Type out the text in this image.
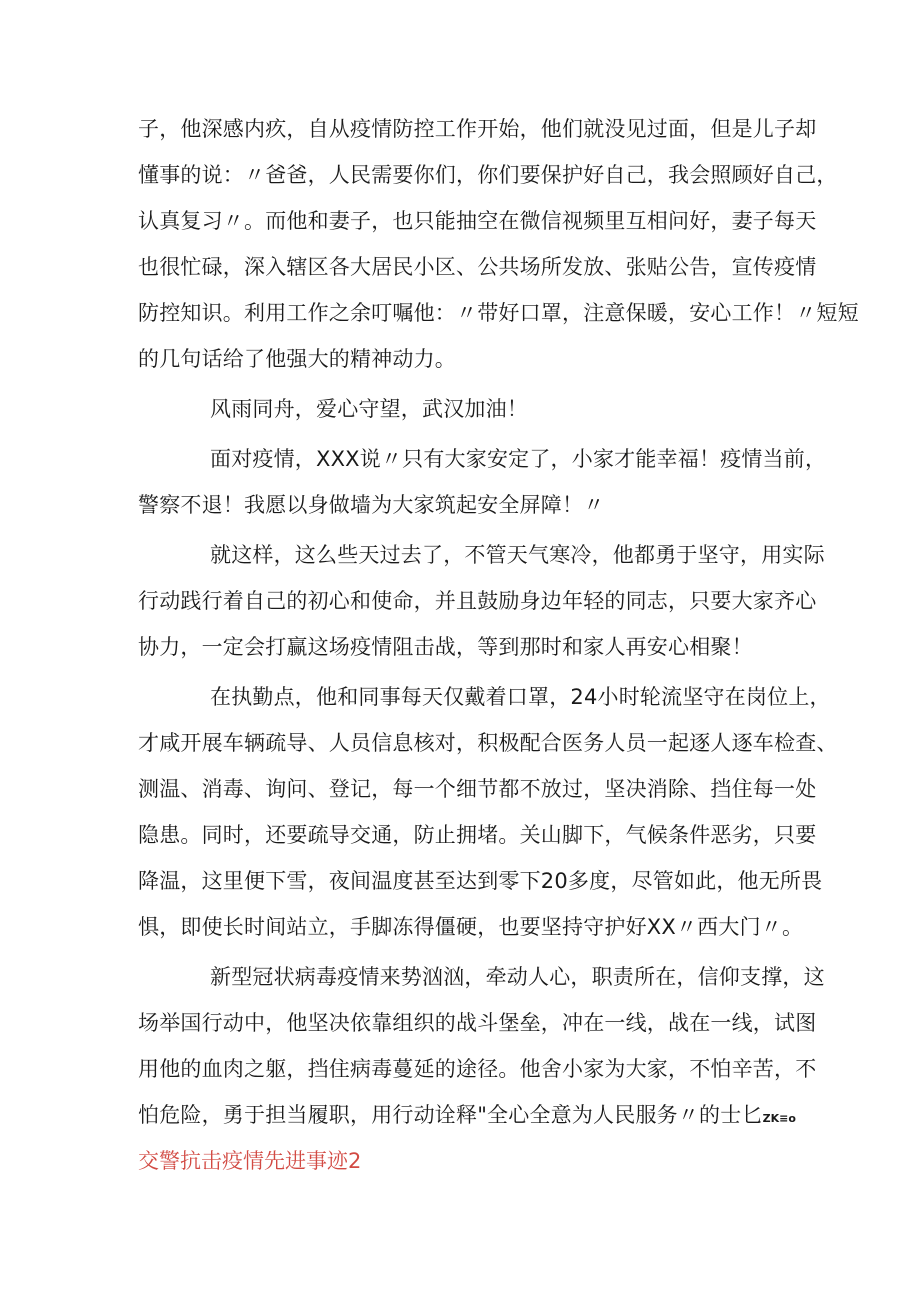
子，他深感内疚，自从疫情防控工作开始，他们就没见过面，但是儿子却
懂事的说：〃爸爸，人民需要你们，你们要保护好自己，我会照顾好自己，
认真复习〃。而他和妻子，也只能抽空在微信视频里互相问好，妻子每天
也很忙碌，深入辖区各大居民小区、公共场所发放、张贴公告，宣传疫情
防控知识。利用工作之余叮嘱他：〃带好口罩，注意保暖，安心工作！〃短短
的几句话给了他强大的精神动力。
风雨同舟，爱心守望，武汉加油！
面对疫情，XXX说〃只有大家安定了，小家才能幸福！疫情当前，
警察不退！我愿以身做墙为大家筑起安全屏障！〃
就这样，这么些天过去了，不管天气寒冷，他都勇于坚守，用实际
行动践行着自己的初心和使命，并且鼓励身边年轻的同志，只要大家齐心
协力，一定会打赢这场疫情阻击战，等到那时和家人再安心相聚！
在执勤点，他和同事每天仅戴着口罩，24小时轮流坚守在岗位上，
才咸开展车辆疏导、人员信息核对，积极配合医务人员一起逐人逐车检查、
测温、消毒、询问、登记，每一个细节都不放过，坚决消除、挡住每一处
隐患。同时，还要疏导交通，防止拥堵。关山脚下，气候条件恶劣，只要
降温，这里便下雪，夜间温度甚至达到零下20多度，尽管如此，他无所畏
惧，即使长时间站立，手脚冻得僵硬，也要坚持守护好XX〃西大门〃。
新型冠状病毒疫情来势汹汹，牵动人心，职责所在，信仰支撑，这
场举国行动中，他坚决依靠组织的战斗堡垒，冲在一线，战在一线，试图
用他的血肉之躯，挡住病毒蔓延的途径。他舍小家为大家，不怕辛苦，不
怕危险，勇于担当履职，用行动诠释"全心全意为人民服务〃的士匕ZK≡o
交警抗击疫情先进事迹2
